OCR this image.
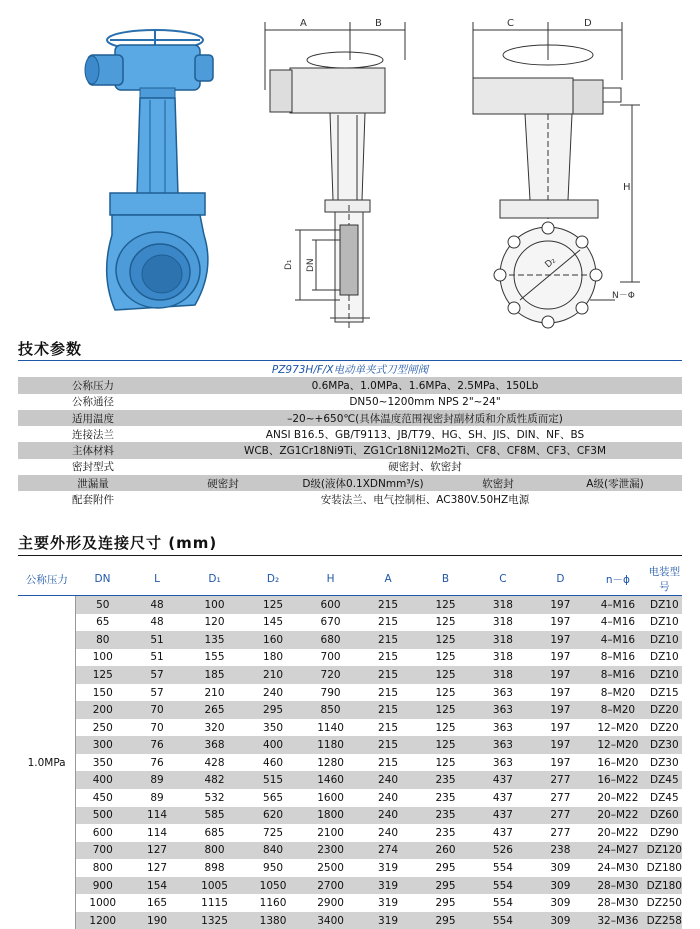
A	B	C	D
H
D₁ DN	D₂
N－Φ
技术参数
PZ973H/F/X电动单夹式刀型闸阀				
公称压力	0.6MPa、1.0MPa、1.6MPa、2.5MPa、150Lb			
公称通径	DN50~1200mm NPS 2"~24"			
适用温度	–20~+650℃(具体温度范围视密封副材质和介质性质而定)			
连接法兰	ANSI B16.5、GB/T9113、JB/T79、HG、SH、JIS、DIN、NF、BS			
主体材料	WCB、ZG1Cr18Ni9Ti、ZG1Cr18Ni12Mo2Ti、CF8、CF8M、CF3、CF3M			
密封型式	硬密封、软密封			
泄漏量	硬密封	D级(液体0.1XDNmm³/s)	软密封	A级(零泄漏)
配套附件	安装法兰、电气控制柜、AC380V.50HZ电源			
主要外形及连接尺寸 (mm)
公称压力	DN	L	D₁	D₂	H	A	B	C	D	n－ϕ	电装型号
1.0MPa	50	48	100	125	600	215	125	318	197	4–M16	DZ10
	65	48	120	145	670	215	125	318	197	4–M16	DZ10
	80	51	135	160	680	215	125	318	197	4–M16	DZ10
	100	51	155	180	700	215	125	318	197	8–M16	DZ10
	125	57	185	210	720	215	125	318	197	8–M16	DZ10
	150	57	210	240	790	215	125	363	197	8–M20	DZ15
	200	70	265	295	850	215	125	363	197	8–M20	DZ20
	250	70	320	350	1140	215	125	363	197	12–M20	DZ20
	300	76	368	400	1180	215	125	363	197	12–M20	DZ30
	350	76	428	460	1280	215	125	363	197	16–M20	DZ30
	400	89	482	515	1460	240	235	437	277	16–M22	DZ45
	450	89	532	565	1600	240	235	437	277	20–M22	DZ45
	500	114	585	620	1800	240	235	437	277	20–M22	DZ60
	600	114	685	725	2100	240	235	437	277	20–M22	DZ90
	700	127	800	840	2300	274	260	526	238	24–M27	DZ120
	800	127	898	950	2500	319	295	554	309	24–M30	DZ180
	900	154	1005	1050	2700	319	295	554	309	28–M30	DZ180
	1000	165	1115	1160	2900	319	295	554	309	28–M30	DZ250
	1200	190	1325	1380	3400	319	295	554	309	32–M36	DZ258
